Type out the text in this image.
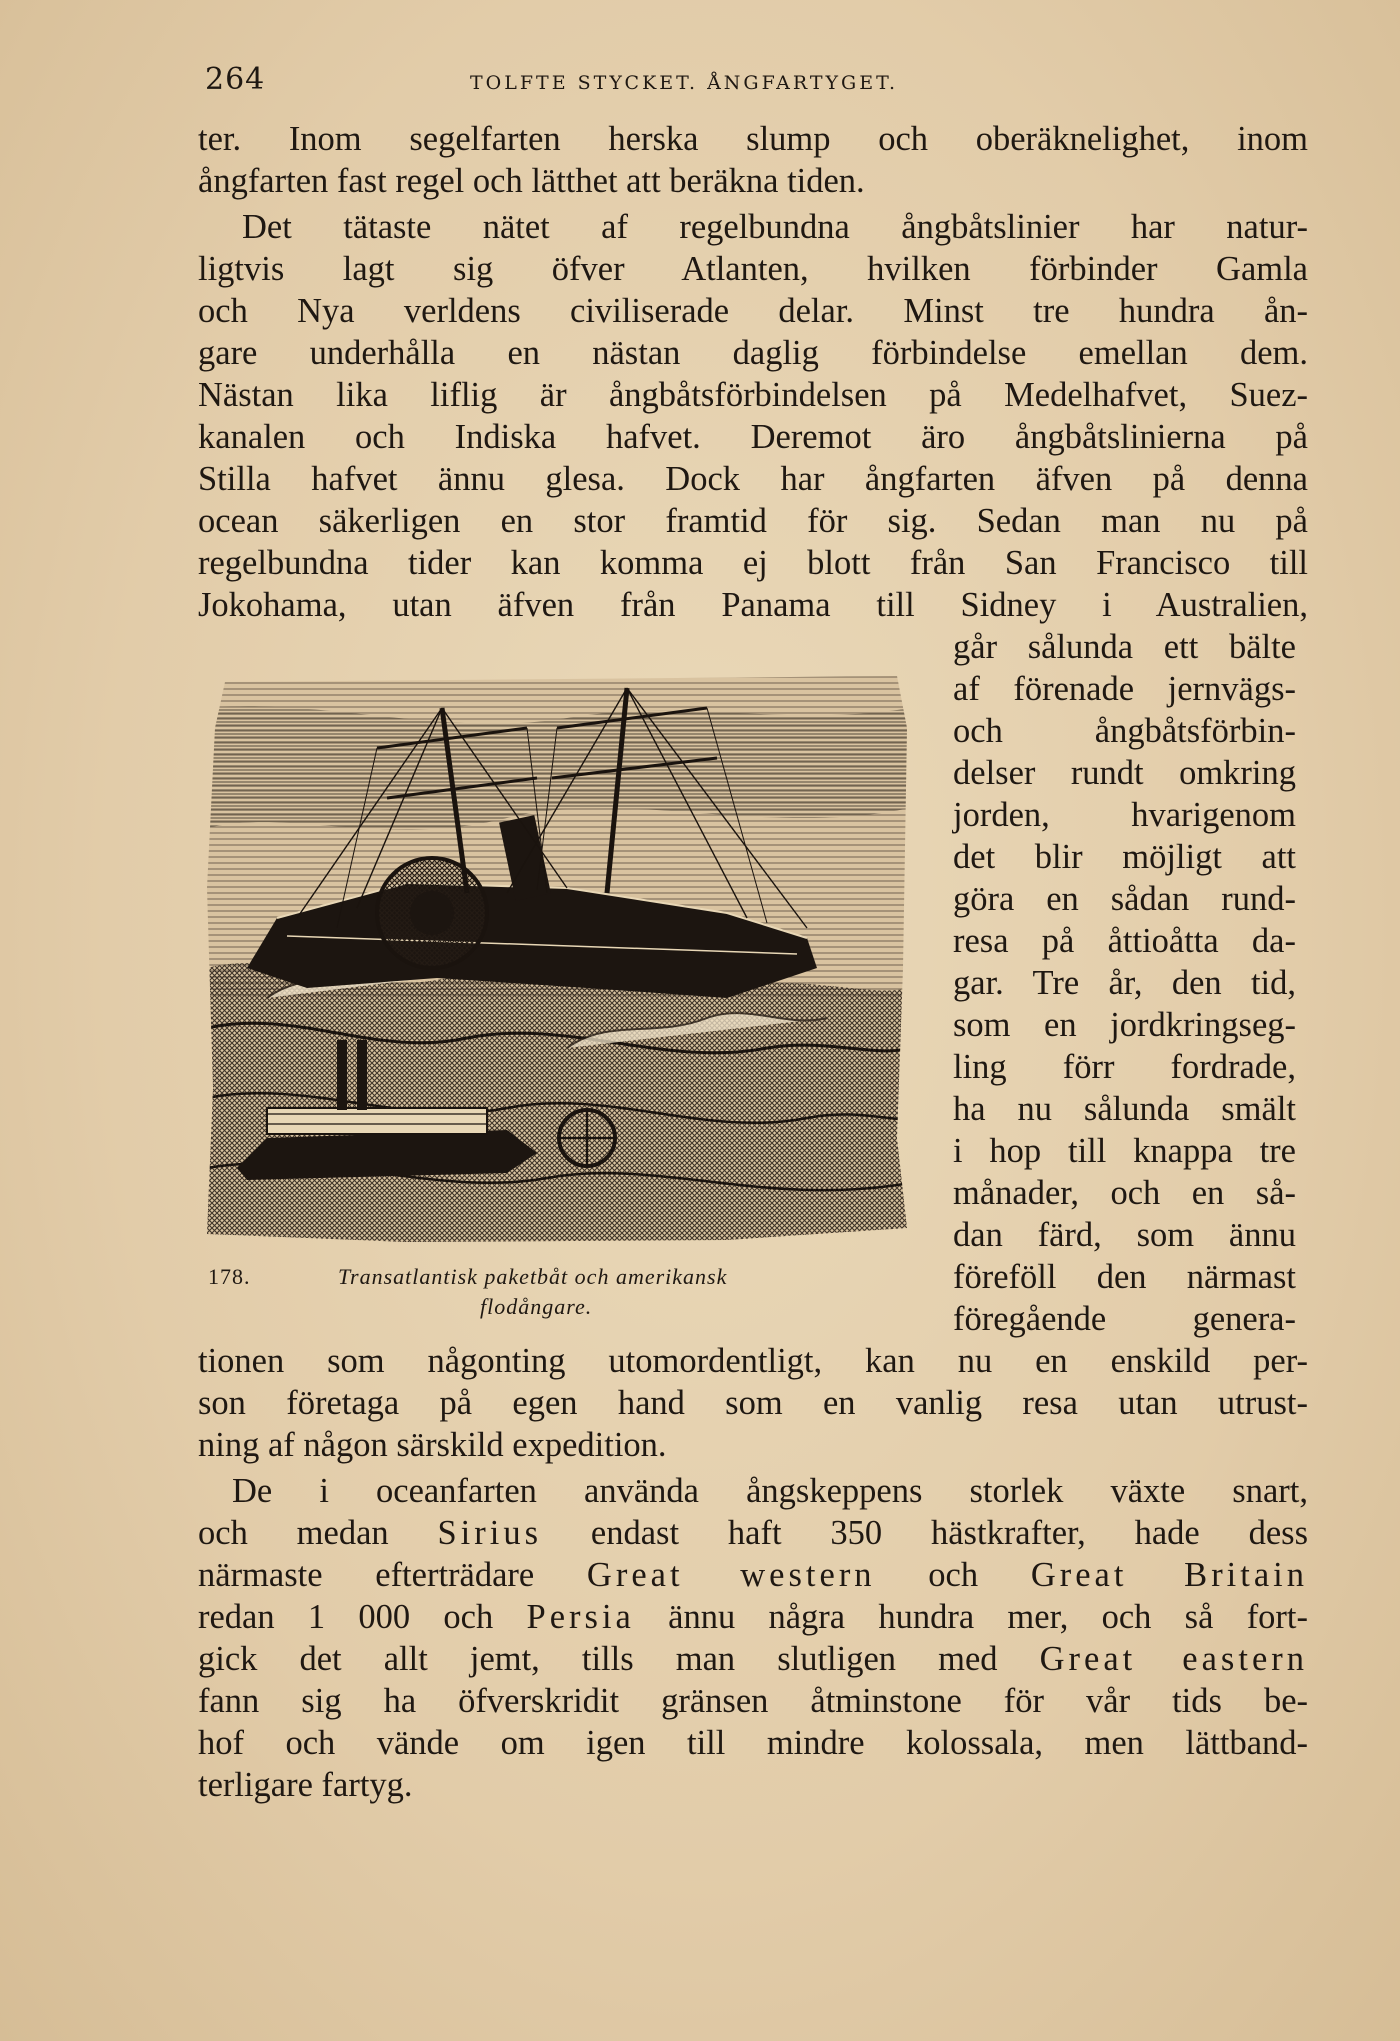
264	TOLFTE STYCKET. ÅNGFARTYGET.
ter. Inom segelfarten herska slump och oberäknelighet, inom
ångfarten fast regel och lätthet att beräkna tiden.
Det tätaste nätet af regelbundna ångbåtslinier har natur-
ligtvis lagt sig öfver Atlanten, hvilken förbinder Gamla
och Nya verldens civiliserade delar. Minst tre hundra ån-
gare underhålla en nästan daglig förbindelse emellan dem.
Nästan lika liflig är ångbåtsförbindelsen på Medelhafvet, Suez-
kanalen och Indiska hafvet. Deremot äro ångbåtslinierna på
Stilla hafvet ännu glesa. Dock har ångfarten äfven på denna
ocean säkerligen en stor framtid för sig. Sedan man nu på
regelbundna tider kan komma ej blott från San Francisco till
Jokohama, utan äfven från Panama till Sidney i Australien,
går sålunda ett bälte
af förenade jernvägs-
och ångbåtsförbin-
delser rundt omkring
jorden, hvarigenom
det blir möjligt att
göra en sådan rund-
resa på åttioåtta da-
gar. Tre år, den tid,
som en jordkringseg-
ling förr fordrade,
ha nu sålunda smält
i hop till knappa tre
månader, och en så-
dan färd, som ännu
föreföll den närmast
föregående genera-
tionen som någonting utomordentligt, kan nu en enskild per-
son företaga på egen hand som en vanlig resa utan utrust-
ning af någon särskild expedition.
De i oceanfarten använda ångskeppens storlek växte snart,
och medan Sirius endast haft 350 hästkrafter, hade dess
närmaste efterträdare Great western och Great Britain
redan 1 000 och Persia ännu några hundra mer, och så fort-
gick det allt jemt, tills man slutligen med Great eastern
fann sig ha öfverskridit gränsen åtminstone för vår tids be-
hof och vände om igen till mindre kolossala, men lättband-
terligare fartyg.
178.	Transatlantisk paketbåt och amerikansk
flodångare.
